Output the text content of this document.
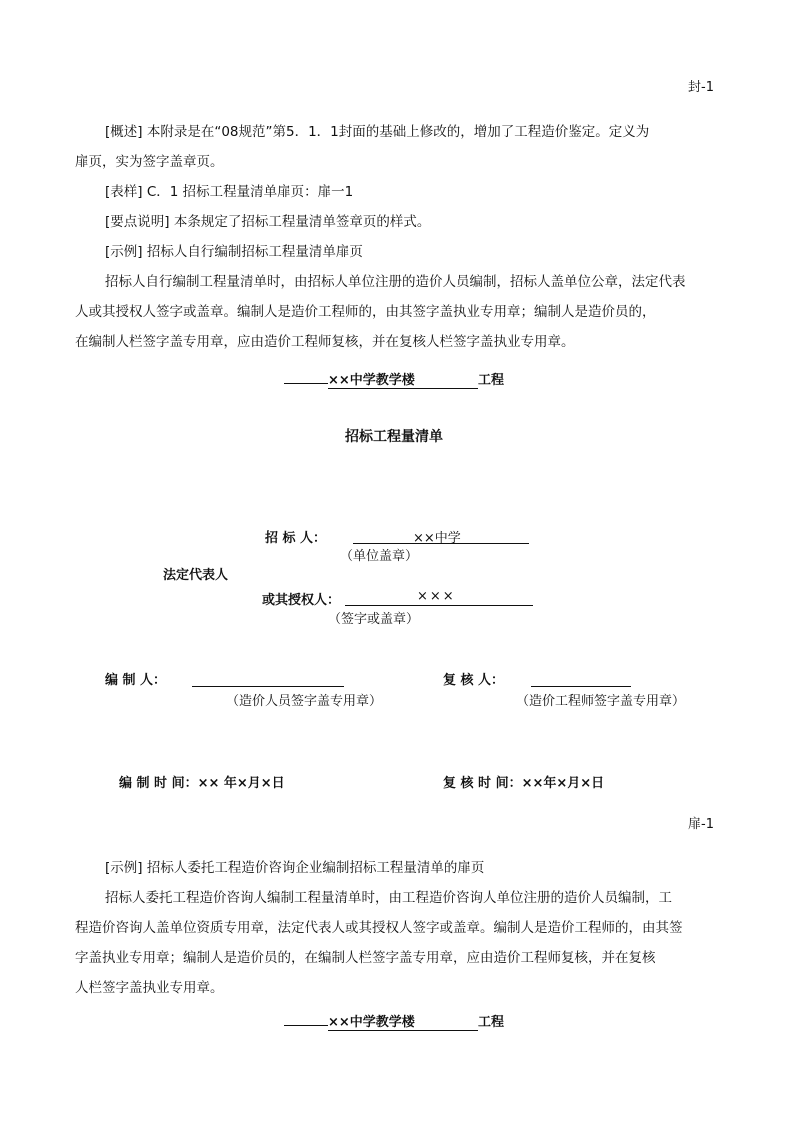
封-1

[概述] 本附录是在“08规范”第5．1．1封面的基础上修改的，增加了工程造价鉴定。定义为

扉页，实为签字盖章页。

[表样] C．1 招标工程量清单扉页：扉一1

[要点说明] 本条规定了招标工程量清单签章页的样式。

[示例] 招标人自行编制招标工程量清单扉页

招标人自行编制工程量清单时，由招标人单位注册的造价人员编制，招标人盖单位公章，法定代表

人或其授权人签字或盖章。编制人是造价工程师的，由其签字盖执业专用章；编制人是造价员的，

在编制人栏签字盖专用章，应由造价工程师复核，并在复核人栏签字盖执业专用章。

××中学教学楼	工程
招标工程量清单
招 标 人：	××中学
（单位盖章）
法定代表人
或其授权人：	×××
（签字或盖章）
编 制 人：
（造价人员签字盖专用章）
复 核 人：
（造价工程师签字盖专用章）
编 制 时 间：×× 年×月×日	复 核 时 间：××年×月×日
扉-1

[示例] 招标人委托工程造价咨询企业编制招标工程量清单的扉页

招标人委托工程造价咨询人编制工程量清单时，由工程造价咨询人单位注册的造价人员编制，工

程造价咨询人盖单位资质专用章，法定代表人或其授权人签字或盖章。编制人是造价工程师的，由其签

字盖执业专用章；编制人是造价员的，在编制人栏签字盖专用章，应由造价工程师复核，并在复核

人栏签字盖执业专用章。

××中学教学楼	工程
